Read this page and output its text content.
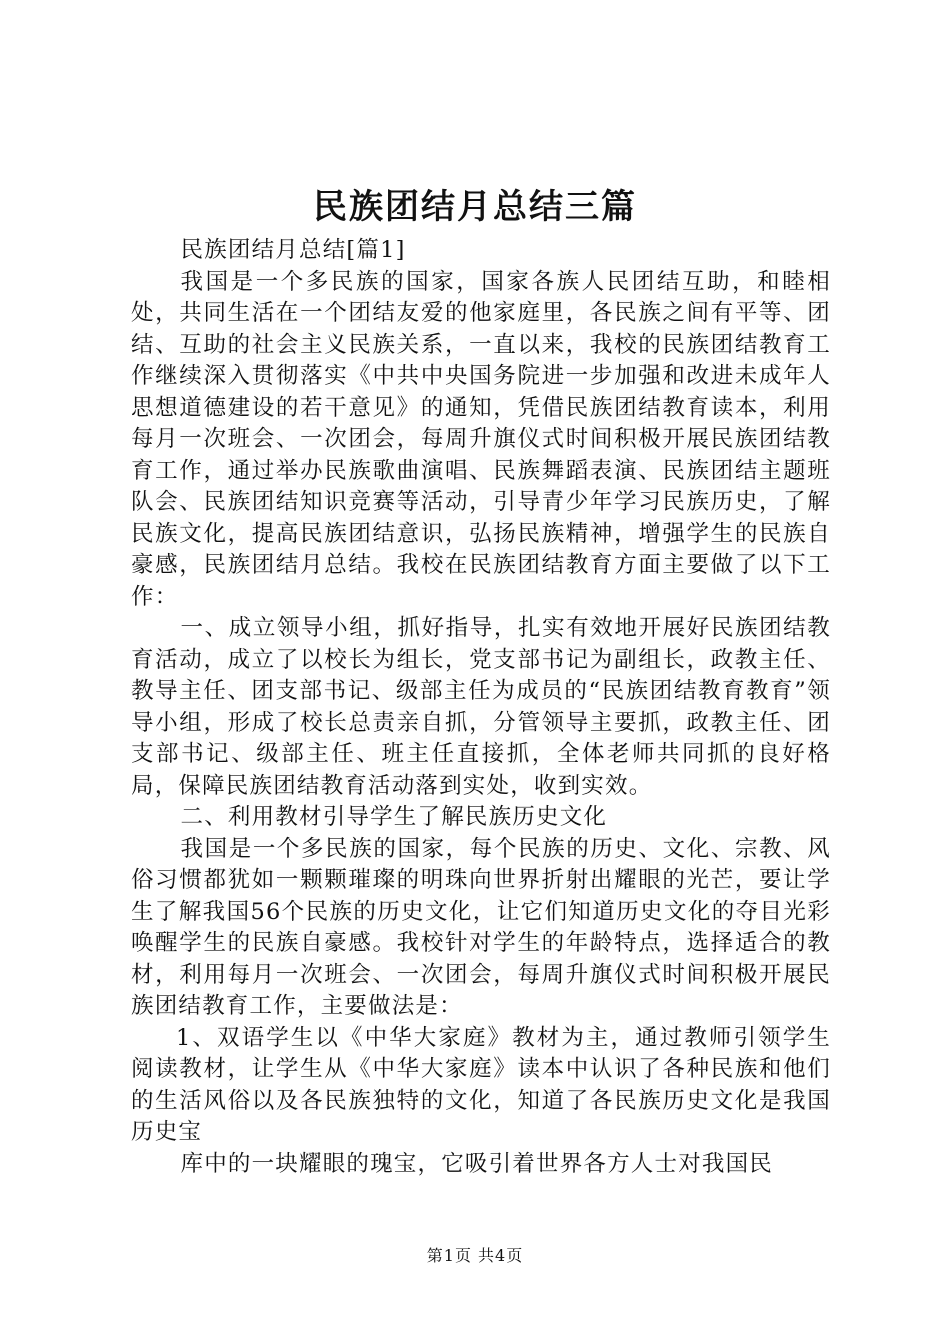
民族团结月总结三篇

民族团结月总结[篇1]

我国是一个多民族的国家，国家各族人民团结互助，和睦相处，共同生活在一个团结友爱的他家庭里，各民族之间有平等、团结、互助的社会主义民族关系，一直以来，我校的民族团结教育工作继续深入贯彻落实《中共中央国务院进一步加强和改进未成年人思想道德建设的若干意见》的通知，凭借民族团结教育读本，利用每月一次班会、一次团会，每周升旗仪式时间积极开展民族团结教育工作，通过举办民族歌曲演唱、民族舞蹈表演、民族团结主题班队会、民族团结知识竞赛等活动，引导青少年学习民族历史，了解民族文化，提高民族团结意识，弘扬民族精神，增强学生的民族自豪感，民族团结月总结。我校在民族团结教育方面主要做了以下工作：

一、成立领导小组，抓好指导，扎实有效地开展好民族团结教育活动，成立了以校长为组长，党支部书记为副组长，政教主任、教导主任、团支部书记、级部主任为成员的“民族团结教育教育”领导小组，形成了校长总责亲自抓，分管领导主要抓，政教主任、团支部书记、级部主任、班主任直接抓，全体老师共同抓的良好格局，保障民族团结教育活动落到实处，收到实效。

二、利用教材引导学生了解民族历史文化

我国是一个多民族的国家，每个民族的历史、文化、宗教、风俗习惯都犹如一颗颗璀璨的明珠向世界折射出耀眼的光芒，要让学生了解我国56个民族的历史文化，让它们知道历史文化的夺目光彩唤醒学生的民族自豪感。我校针对学生的年龄特点，选择适合的教材，利用每月一次班会、一次团会，每周升旗仪式时间积极开展民族团结教育工作，主要做法是：

1、双语学生以《中华大家庭》教材为主，通过教师引领学生阅读教材，让学生从《中华大家庭》读本中认识了各种民族和他们的生活风俗以及各民族独特的文化，知道了各民族历史文化是我国历史宝

库中的一块耀眼的瑰宝，它吸引着世界各方人士对我国民

第1页 共4页
